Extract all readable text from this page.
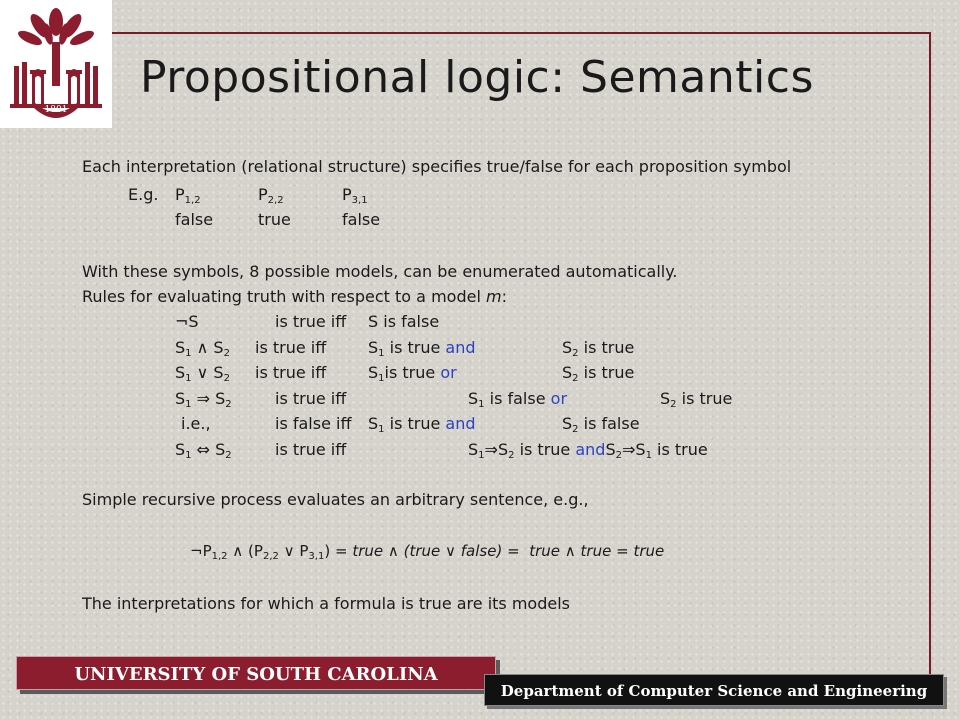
1801
Propositional logic: Semantics
Each interpretation (relational structure) specifies true/false for each proposition symbol
E.g. $P_{1,2}$	$P_{2,2}$	$P_{3,1}$
false	true	false
With these symbols, 8 possible models, can be enumerated automatically.
Rules for evaluating truth with respect to a model m:
¬S	is true iff S is false
$S_1$ ∧ $S_2$ is true iff	$S_1$ is true and	$S_2$ is true
$S_1$ ∨ $S_2$ is true iff	$S_1is$ true or	$S_2$ is true
$S_1$ ⇒ $S_2$	is true iff	$S_1$ is false or	$S_2$ is true
i.e.,	is false iff $S_1$ is true and	$S_2$ is false
$S_1$ ⇔ $S_2$	is true iff	$S_1\Rightarrow S_2$ is true $andS_2\Rightarrow S_1$ is true
Simple recursive process evaluates an arbitrary sentence, e.g.,
$\neg P_{1,2}$ ∧ ($P_{2,2}$ ∨ $P_{3,1}$) = true ∧ (true ∨ false) = true ∧ true = true
The interpretations for which a formula is true are its models
UNIVERSITY OF SOUTH CAROLINA
Department of Computer Science and Engineering
